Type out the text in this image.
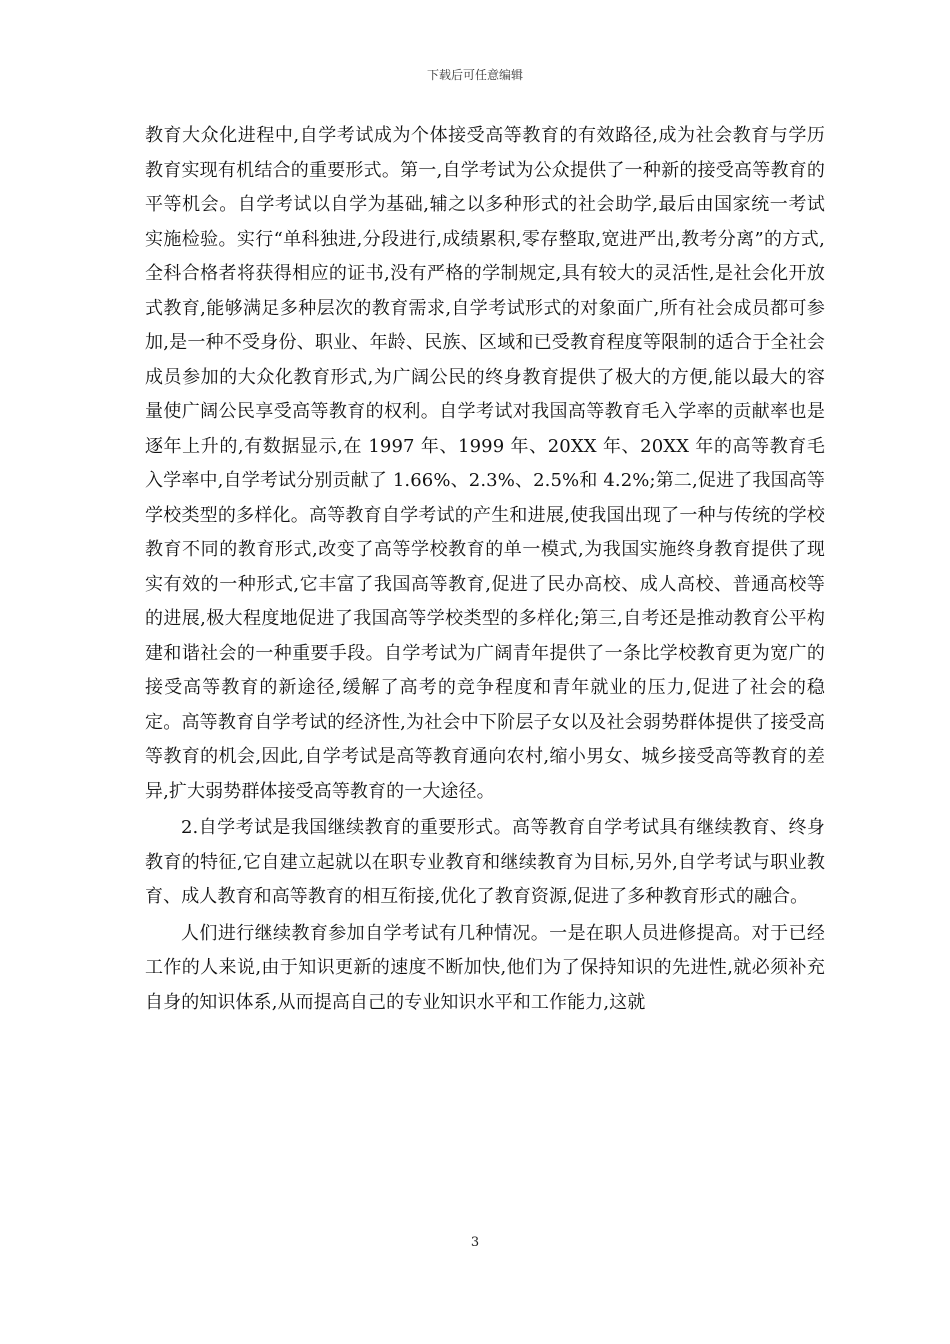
下载后可任意编辑

教育大众化进程中,自学考试成为个体接受高等教育的有效路径,成为社会教育与学历教育实现有机结合的重要形式。第一,自学考试为公众提供了一种新的接受高等教育的平等机会。自学考试以自学为基础,辅之以多种形式的社会助学,最后由国家统一考试实施检验。实行“单科独进,分段进行,成绩累积,零存整取,宽进严出,教考分离”的方式,全科合格者将获得相应的证书,没有严格的学制规定,具有较大的灵活性,是社会化开放式教育,能够满足多种层次的教育需求,自学考试形式的对象面广,所有社会成员都可参加,是一种不受身份、职业、年龄、民族、区域和已受教育程度等限制的适合于全社会成员参加的大众化教育形式,为广阔公民的终身教育提供了极大的方便,能以最大的容量使广阔公民享受高等教育的权利。自学考试对我国高等教育毛入学率的贡献率也是逐年上升的,有数据显示,在 1997 年、1999 年、20XX 年、20XX 年的高等教育毛入学率中,自学考试分别贡献了 1.66%、2.3%、2.5%和 4.2%;第二,促进了我国高等学校类型的多样化。高等教育自学考试的产生和进展,使我国出现了一种与传统的学校教育不同的教育形式,改变了高等学校教育的单一模式,为我国实施终身教育提供了现实有效的一种形式,它丰富了我国高等教育,促进了民办高校、成人高校、普通高校等的进展,极大程度地促进了我国高等学校类型的多样化;第三,自考还是推动教育公平构建和谐社会的一种重要手段。自学考试为广阔青年提供了一条比学校教育更为宽广的接受高等教育的新途径,缓解了高考的竞争程度和青年就业的压力,促进了社会的稳定。高等教育自学考试的经济性,为社会中下阶层子女以及社会弱势群体提供了接受高等教育的机会,因此,自学考试是高等教育通向农村,缩小男女、城乡接受高等教育的差异,扩大弱势群体接受高等教育的一大途径。

2.自学考试是我国继续教育的重要形式。高等教育自学考试具有继续教育、终身教育的特征,它自建立起就以在职专业教育和继续教育为目标,另外,自学考试与职业教育、成人教育和高等教育的相互衔接,优化了教育资源,促进了多种教育形式的融合。

人们进行继续教育参加自学考试有几种情况。一是在职人员进修提高。对于已经工作的人来说,由于知识更新的速度不断加快,他们为了保持知识的先进性,就必须补充自身的知识体系,从而提高自己的专业知识水平和工作能力,这就

3
